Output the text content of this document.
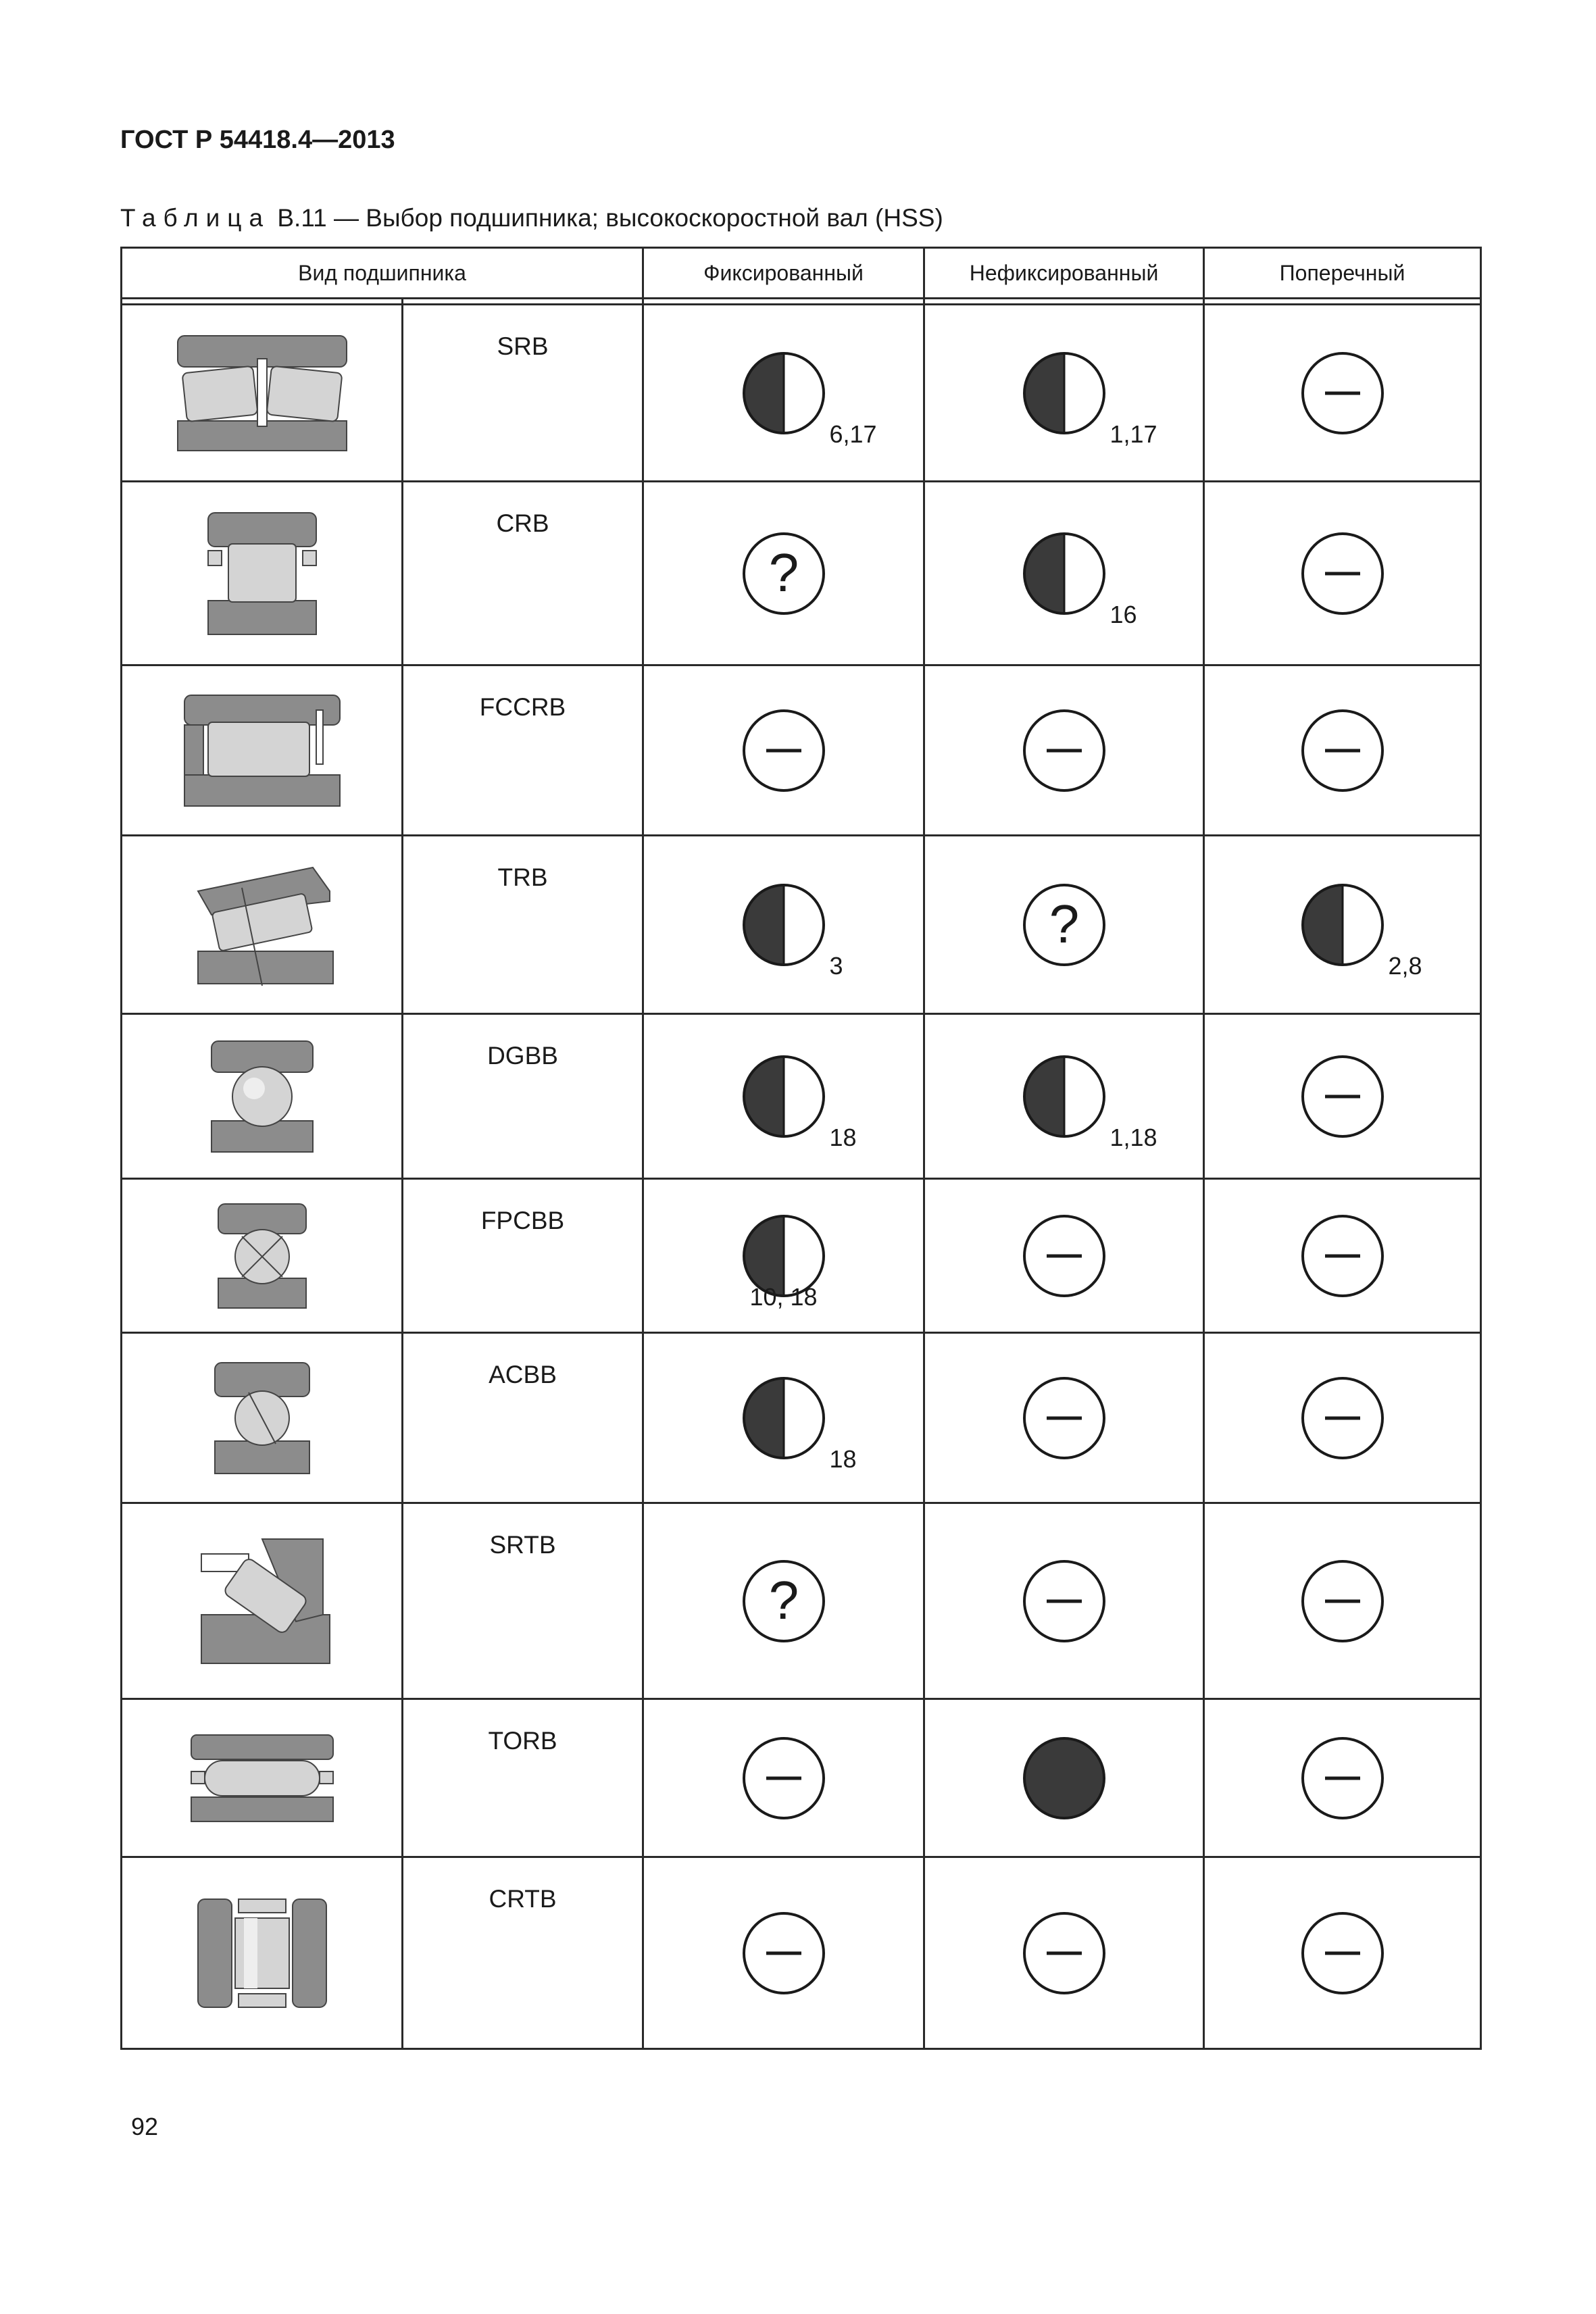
ГОСТ Р 54418.4—2013
Таблица В.11 — Выбор подшипника; высокоскоростной вал (HSS)
Вид подшипника		Фиксированный	Нефиксированный	Поперечный

SRB	6,17	1,17

CRB	?	16

FCCRB

TRB	3	?	2,8

DGBB	18	1,18

FPCBB	10, 18

ACBB	18

SRTB	?

TORB

CRTB

92
